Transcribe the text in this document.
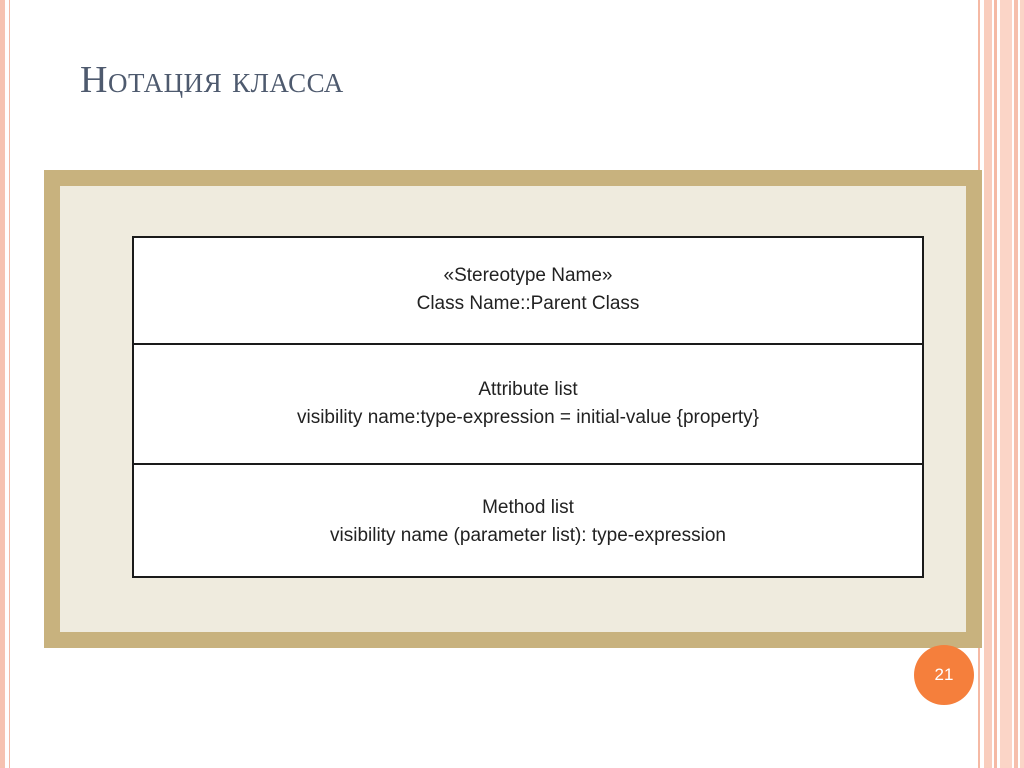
Нотация класса
«Stereotype Name»
Class Name::Parent Class
Attribute list
visibility name:type-expression = initial-value {property}
Method list
visibility name (parameter list): type-expression
21
